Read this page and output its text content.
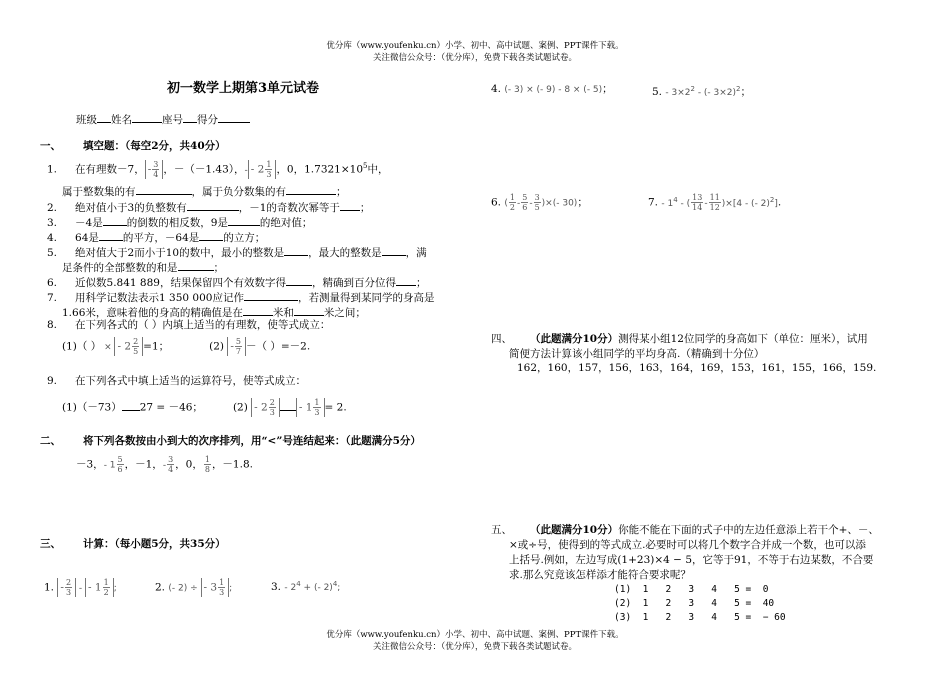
优分库（www.youfenku.cn）小学、初中、高中试题、案例、PPT课件下载。
关注微信公众号：（优分库），免费下载各类试题试卷。
初一数学上期第3单元试卷
班级 姓名	座号 得分
一、 填空题：（每空2分，共40分）
1. 在有理数－7， - $\frac{3}{4}$ ，－（－1.43），- - $2 \frac{1}{3}$ ，0，$1.7321\times 10^5$中，
属于整数集的有	，属于负分数集的有	；
2. 绝对值小于3的负整数有	，－1的奇数次幂等于 ；
3. －4是 的倒数的相反数，9是	的绝对值；
4. 64是 的平方，－64是 的立方；
5. 绝对值大于2而小于10的数中，最小的整数是 ，最大的整数是 ，满
足条件的全部整数的和是	；
6. 近似数5.841 889，结果保留四个有效数字得 ，精确到百分位得 ；
7. 用科学记数法表示1 350 000应记作	，若测量得到某同学的身高是
1.66米，意味着他的身高的精确值是在	米和	米之间；
8. 在下列各式的（ ）内填上适当的有理数，使等式成立：
(1)（ ） × - $2 \frac{2}{5} =1$；	$(2) - \frac{5}{7}$ －（ ）=－2.
9. 在下列各式中填上适当的运算符号，使等式成立：
(1)（－73） 27 = －46；	$(2) - 2 \frac{2}{3} - 1 \frac{1}{3} = 2$.
二、 将下列各数按由小到大的次序排列，用“<”号连结起来：（此题满分5分）
－3，- $1 \frac{5}{6}$ ，－1，- $\frac{3}{4}$ ，0， $\frac{1}{8}$ ，－1.8.
三、 计算：（每小题5分，共35分）
1. - $\frac{2}{3}$ - - $1 \frac{1}{2}$ ;	2. (- 2) ÷ - $3 \frac{1}{3}$ ;	3. - $2^4$ + (- 2)$^4$;
4. (- 3) × (- 9) - 8 × (- 5)；	5. - $3\times 2^2$ - (- 3×2)$^2$；
6. ( $\frac{1}{2} - \frac{5}{6} - \frac{3}{5}$ )×(- 30)；	7. - $1^4$ - ( $\frac{13}{14} - \frac{11}{12} )\times[4$ - (- 2)$^2$].
四、 （此题满分10分）测得某小组12位同学的身高如下（单位：厘米），试用
简便方法计算该小组同学的平均身高.（精确到十分位）
162，160，157，156，163，164，169，153，161，155，166，159.
五、 （此题满分10分）你能不能在下面的式子中的左边任意添上若干个+、－、
×或÷号，使得到的等式成立.必要时可以将几个数字合并成一个数，也可以添
上括号.例如，左边写成(1+23)×4 − 5，它等于91，不等于右边某数，不合要
求.那么究竟该怎样添才能符合要求呢？
(1)  1   2   3   4   5 =  0
(2)  1   2   3   4   5 =  40
(3)  1   2   3   4   5 =  − 60
优分库（www.youfenku.cn）小学、初中、高中试题、案例、PPT课件下载。
关注微信公众号：（优分库），免费下载各类试题试卷。
